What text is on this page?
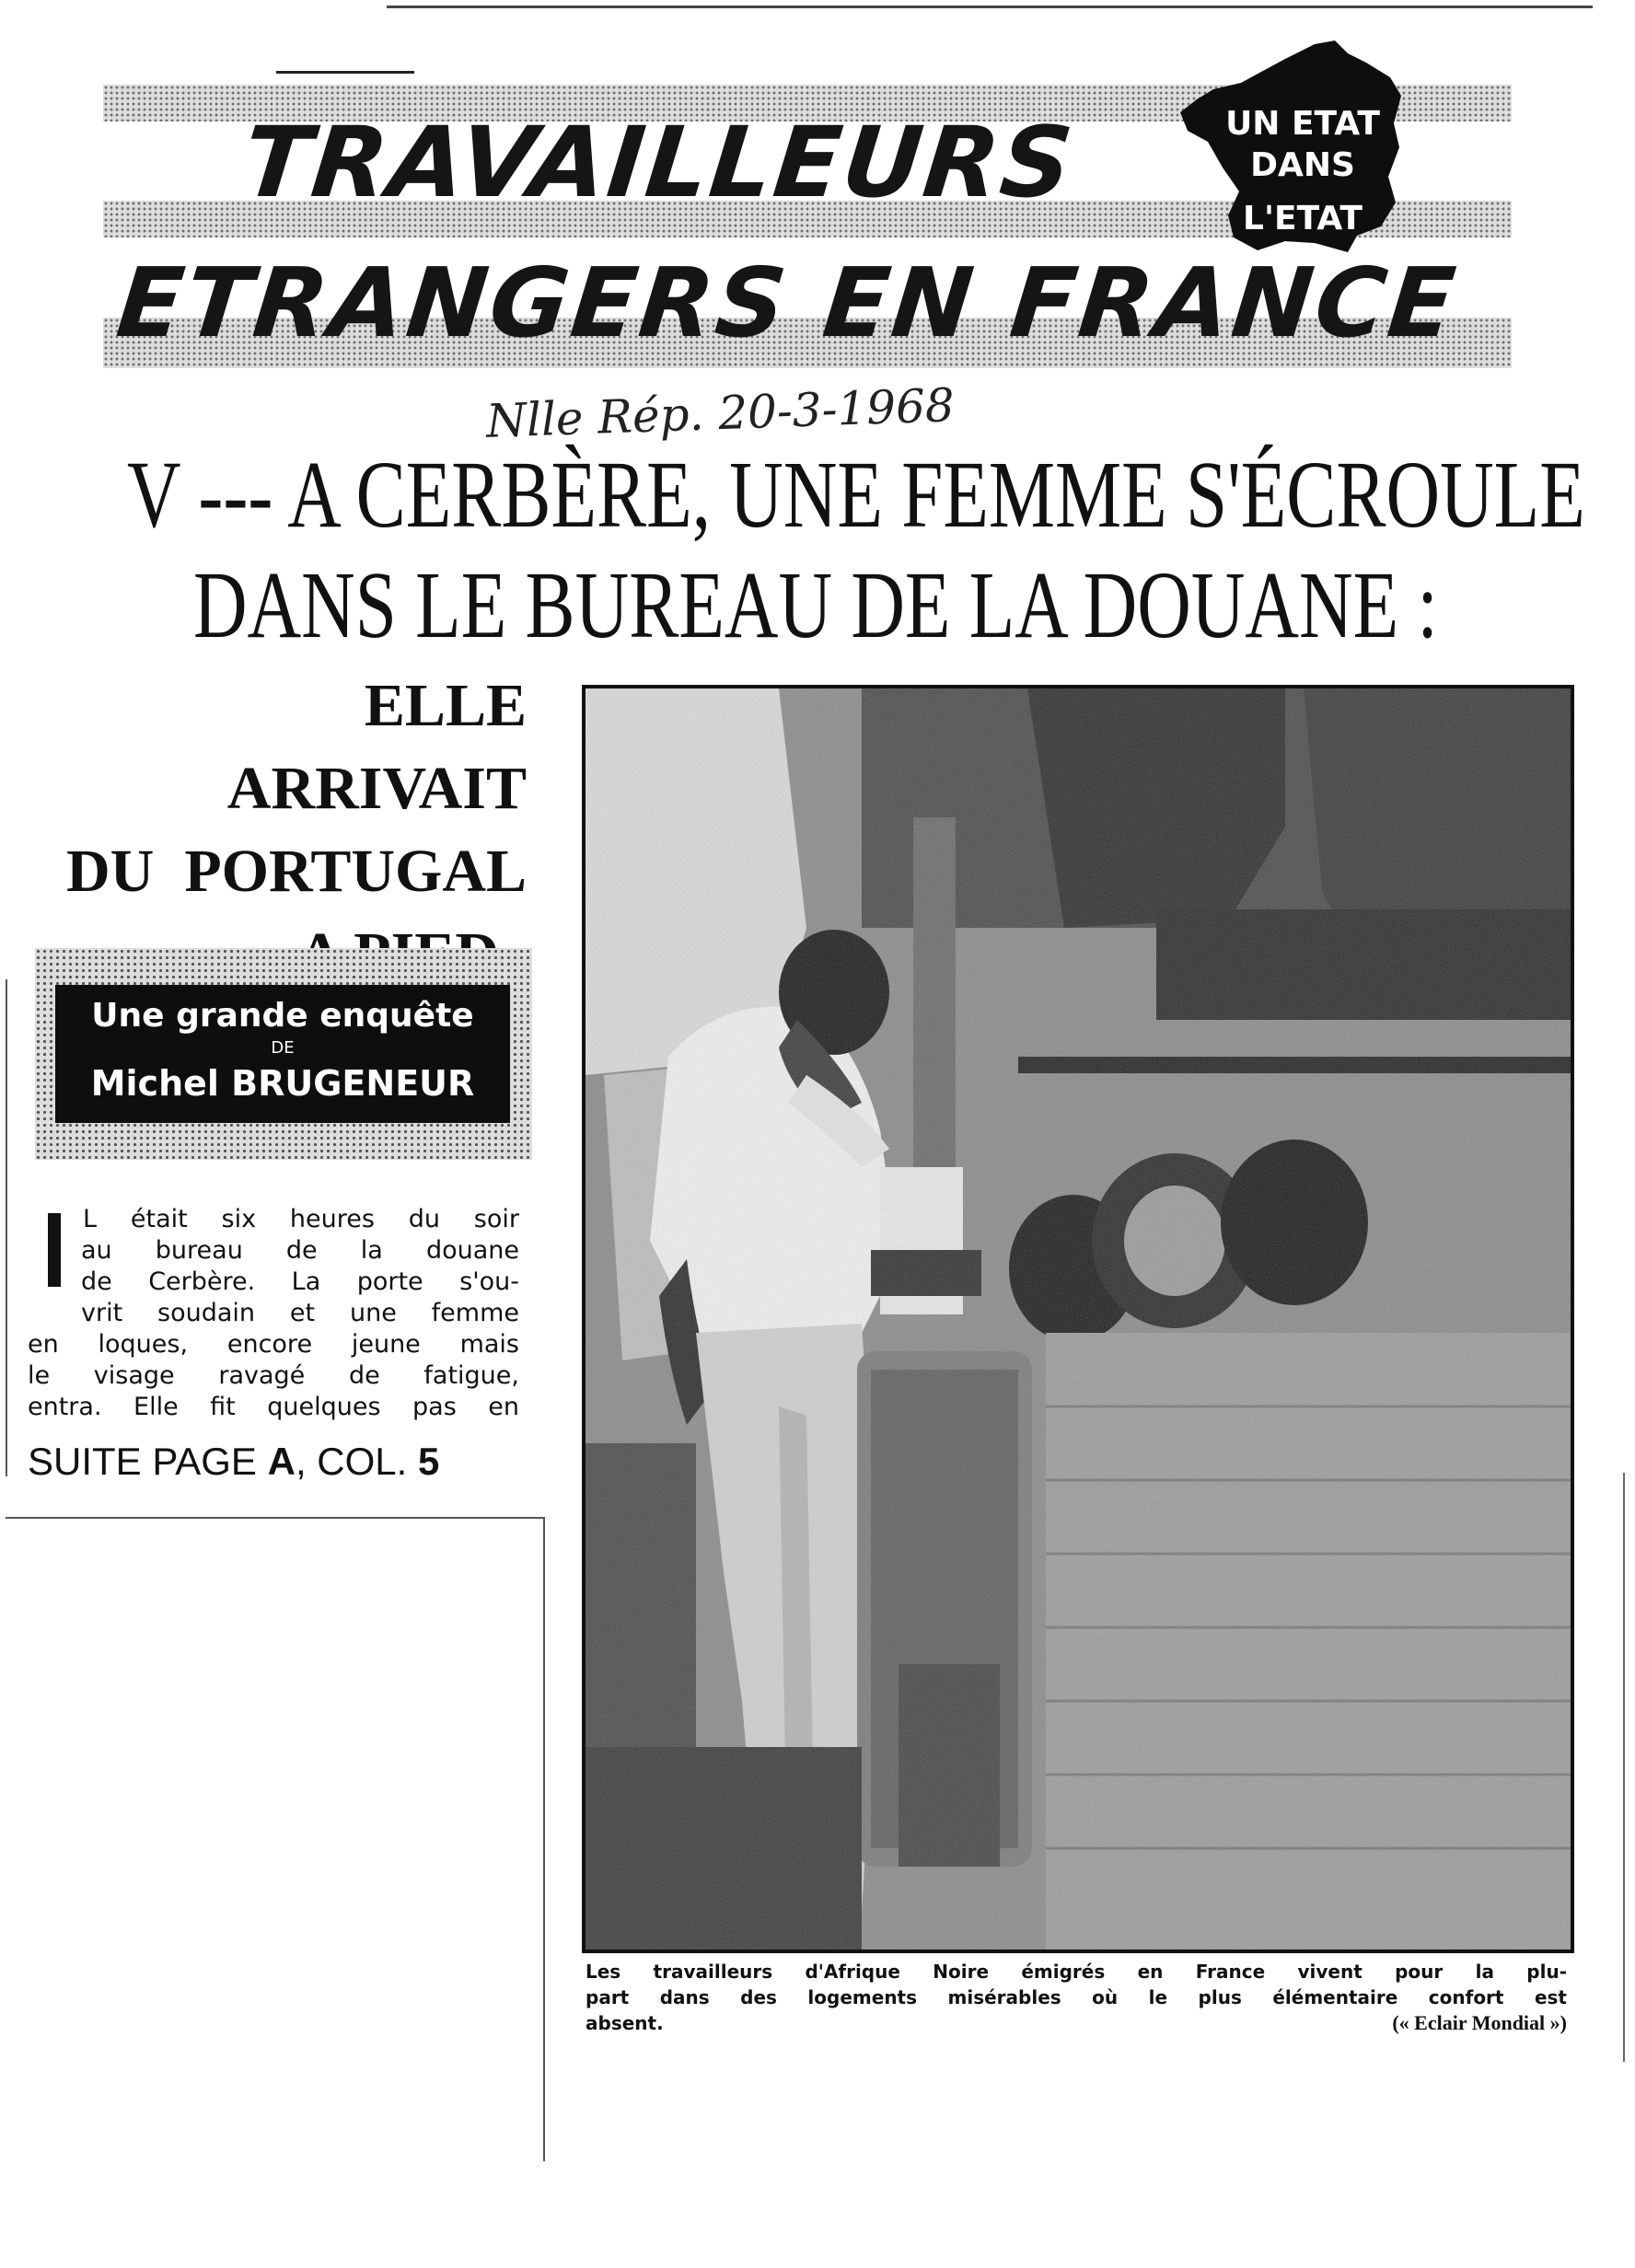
UN ETAT
DANS
L'ETAT
TRAVAILLEURS
ETRANGERS EN FRANCE
Nlle Rép. 20-3-1968
V --- A CERBÈRE, UNE FEMME S'ÉCROULE
DANS LE BUREAU DE LA DOUANE :
ELLE ARRIVAIT
DU  PORTUGAL
Une grande enquête
DE
Michel BRUGENEUR
L était six heures du soir
au bureau de la douane
de Cerbère. La porte s'ou-
vrit soudain et une femme
en loques, encore jeune mais
le visage ravagé de fatigue,
entra. Elle fit quelques pas en
SUITE PAGE A, COL. 5
Les travailleurs d'Afrique Noire émigrés en France vivent pour la plu-
part dans des logements misérables où le plus élémentaire confort est
absent.	(« Eclair Mondial »)
